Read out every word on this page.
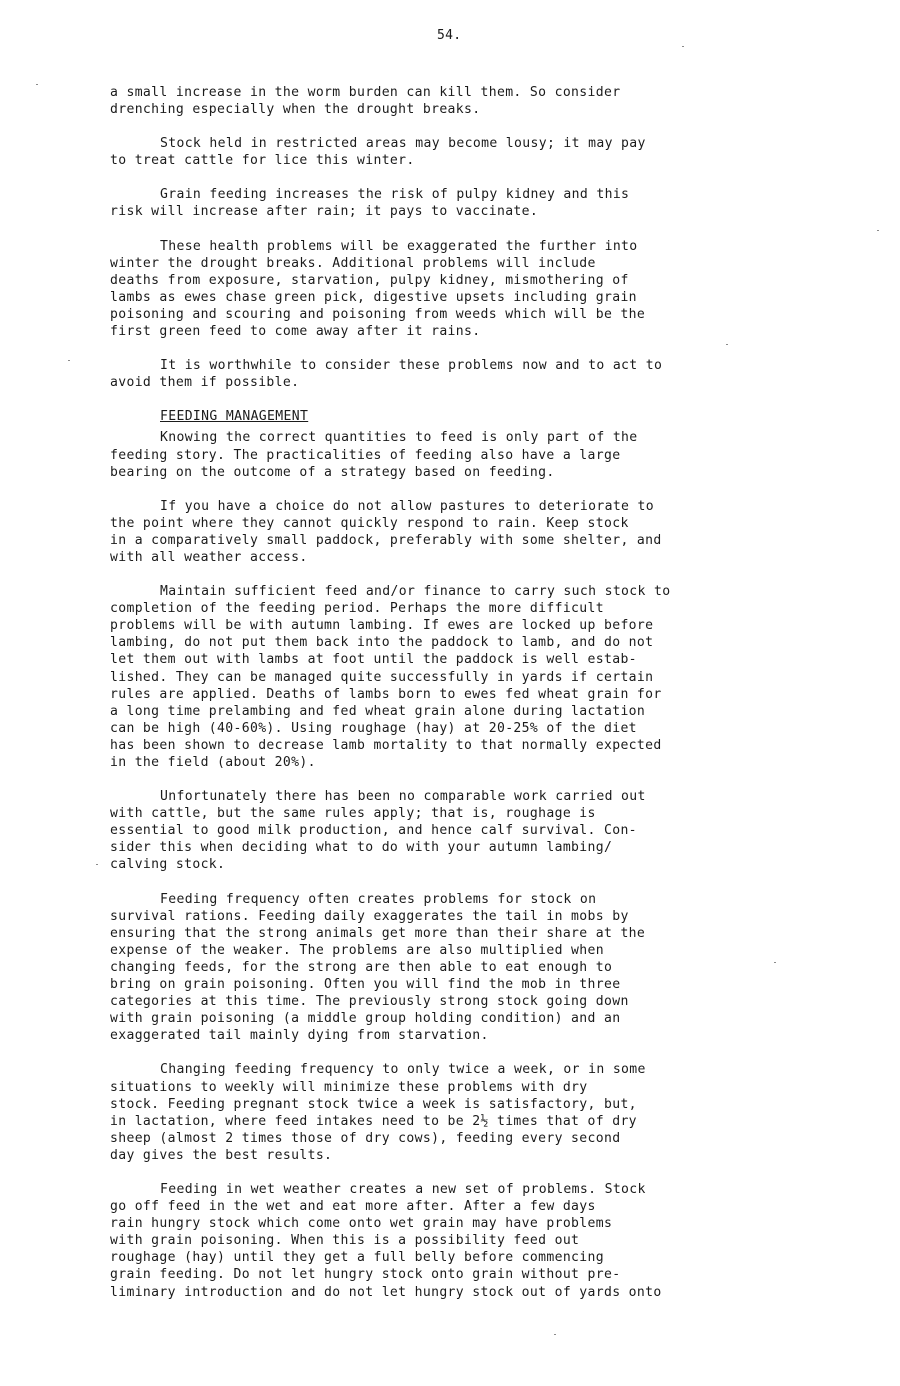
54.

a small increase in the worm burden can kill them. So consider
drenching especially when the drought breaks.

Stock held in restricted areas may become lousy; it may pay
to treat cattle for lice this winter.

Grain feeding increases the risk of pulpy kidney and this
risk will increase after rain; it pays to vaccinate.

These health problems will be exaggerated the further into
winter the drought breaks. Additional problems will include
deaths from exposure, starvation, pulpy kidney, mismothering of
lambs as ewes chase green pick, digestive upsets including grain
poisoning and scouring and poisoning from weeds which will be the
first green feed to come away after it rains.

It is worthwhile to consider these problems now and to act to
avoid them if possible.

FEEDING MANAGEMENT

Knowing the correct quantities to feed is only part of the
feeding story. The practicalities of feeding also have a large
bearing on the outcome of a strategy based on feeding.

If you have a choice do not allow pastures to deteriorate to
the point where they cannot quickly respond to rain. Keep stock
in a comparatively small paddock, preferably with some shelter, and
with all weather access.

Maintain sufficient feed and/or finance to carry such stock to
completion of the feeding period. Perhaps the more difficult
problems will be with autumn lambing. If ewes are locked up before
lambing, do not put them back into the paddock to lamb, and do not
let them out with lambs at foot until the paddock is well estab-
lished. They can be managed quite successfully in yards if certain
rules are applied. Deaths of lambs born to ewes fed wheat grain for
a long time prelambing and fed wheat grain alone during lactation
can be high (40-60%). Using roughage (hay) at 20-25% of the diet
has been shown to decrease lamb mortality to that normally expected
in the field (about 20%).

Unfortunately there has been no comparable work carried out
with cattle, but the same rules apply; that is, roughage is
essential to good milk production, and hence calf survival. Con-
sider this when deciding what to do with your autumn lambing/
calving stock.

Feeding frequency often creates problems for stock on
survival rations. Feeding daily exaggerates the tail in mobs by
ensuring that the strong animals get more than their share at the
expense of the weaker. The problems are also multiplied when
changing feeds, for the strong are then able to eat enough to
bring on grain poisoning. Often you will find the mob in three
categories at this time. The previously strong stock going down
with grain poisoning (a middle group holding condition) and an
exaggerated tail mainly dying from starvation.

Changing feeding frequency to only twice a week, or in some
situations to weekly will minimize these problems with dry
stock. Feeding pregnant stock twice a week is satisfactory, but,
in lactation, where feed intakes need to be 2½ times that of dry
sheep (almost 2 times those of dry cows), feeding every second
day gives the best results.

Feeding in wet weather creates a new set of problems. Stock
go off feed in the wet and eat more after. After a few days
rain hungry stock which come onto wet grain may have problems
with grain poisoning. When this is a possibility feed out
roughage (hay) until they get a full belly before commencing
grain feeding. Do not let hungry stock onto grain without pre-
liminary introduction and do not let hungry stock out of yards onto
